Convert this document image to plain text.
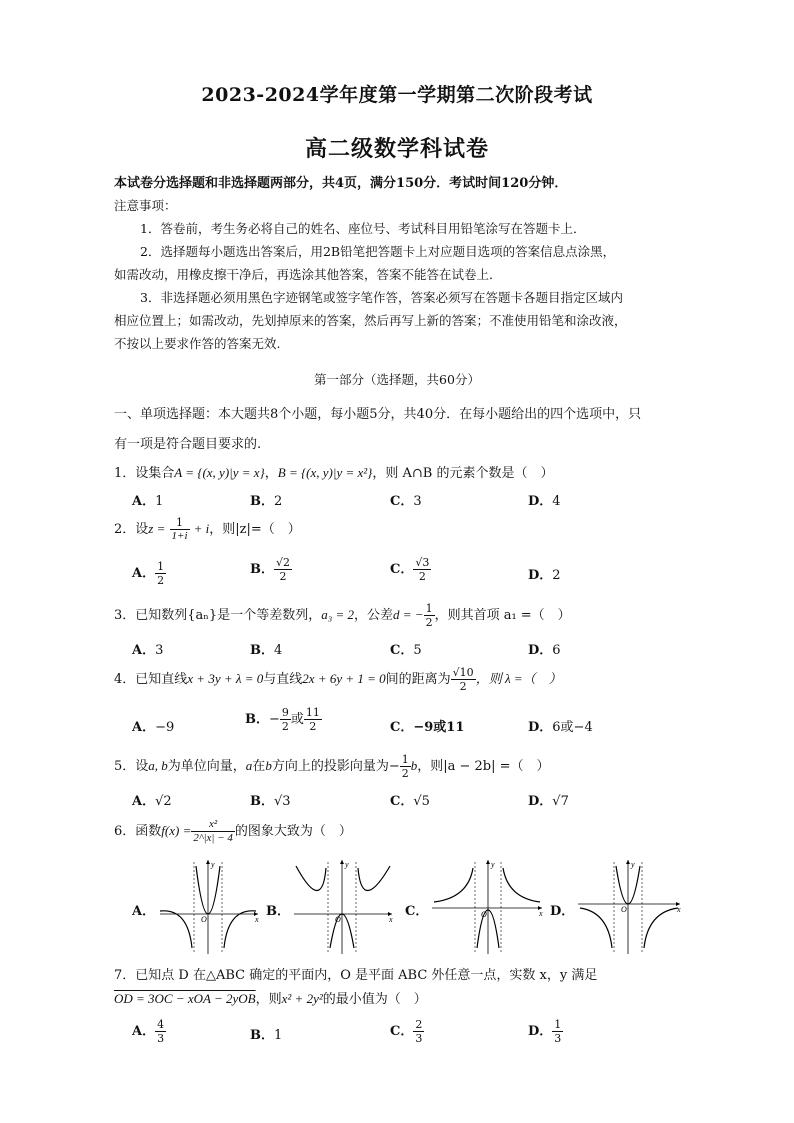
2023-2024学年度第一学期第二次阶段考试
高二级数学科试卷
本试卷分选择题和非选择题两部分，共4页，满分150分．考试时间120分钟．
注意事项：
1．答卷前，考生务必将自己的姓名、座位号、考试科目用铅笔涂写在答题卡上．
2．选择题每小题选出答案后，用2B铅笔把答题卡上对应题目选项的答案信息点涂黑，
如需改动，用橡皮擦干净后，再选涂其他答案，答案不能答在试卷上．
3．非选择题必须用黑色字迹钢笔或签字笔作答，答案必须写在答题卡各题目指定区域内
相应位置上；如需改动，先划掉原来的答案，然后再写上新的答案；不准使用铅笔和涂改液，
不按以上要求作答的答案无效.
第一部分（选择题，共60分）
一、单项选择题：本大题共8个小题，每小题5分，共40分．在每小题给出的四个选项中，只
有一项是符合题目要求的.
1．设集合A = {(x, y)|y = x}，B = {(x, y)|y = x²}，则 A∩B 的元素个数是（　）
A．1	B．2	C．3	D．4
2．设$z = \frac{1}{1+i} + i$，则|z|=（　）
A． $\frac{1}{2}$	B． $\frac{√2}{2}$	C． $\frac{√3}{2}$	D．2
3．已知数列{aₙ}是一个等差数列，a₃ = 2，公差d = − $\frac{1}{2}$ ，则其首项 a₁ =（　）
A．3	B．4	C．5	D．6
4．已知直线x + 3y + λ = 0与直线2x + 6y + 1 = 0间的距离为 $\frac{√10}{2}$ ，则 λ =（　）
A．−9
B．− $\frac{9}{2}$ 或 $\frac{11}{2}$	C．−9或11	D．6或−4
5．设a, b为单位向量，a在b方向上的投影向量为− $\frac{1}{2}$ b，则|a − 2b| =（　）
A．√2	B．√3	C．√5	D．√7
6．函数$f(x) = \frac{\text{x²}}{2\^{}|x| - 4}$ 的图象大致为（　）
A．	B．	C．	D．
y
x
O
y
x
O
y
x
O
y
x
O
7．已知点 D 在△ABC 确定的平面内，O 是平面 ABC 外任意一点，实数 x，y 满足
OD = 3OC − xOA − 2yOB，则x² + 2y²的最小值为（　）
A． $\frac{4}{3}$	B．1	C． $\frac{2}{3}$	D． $\frac{1}{3}$
